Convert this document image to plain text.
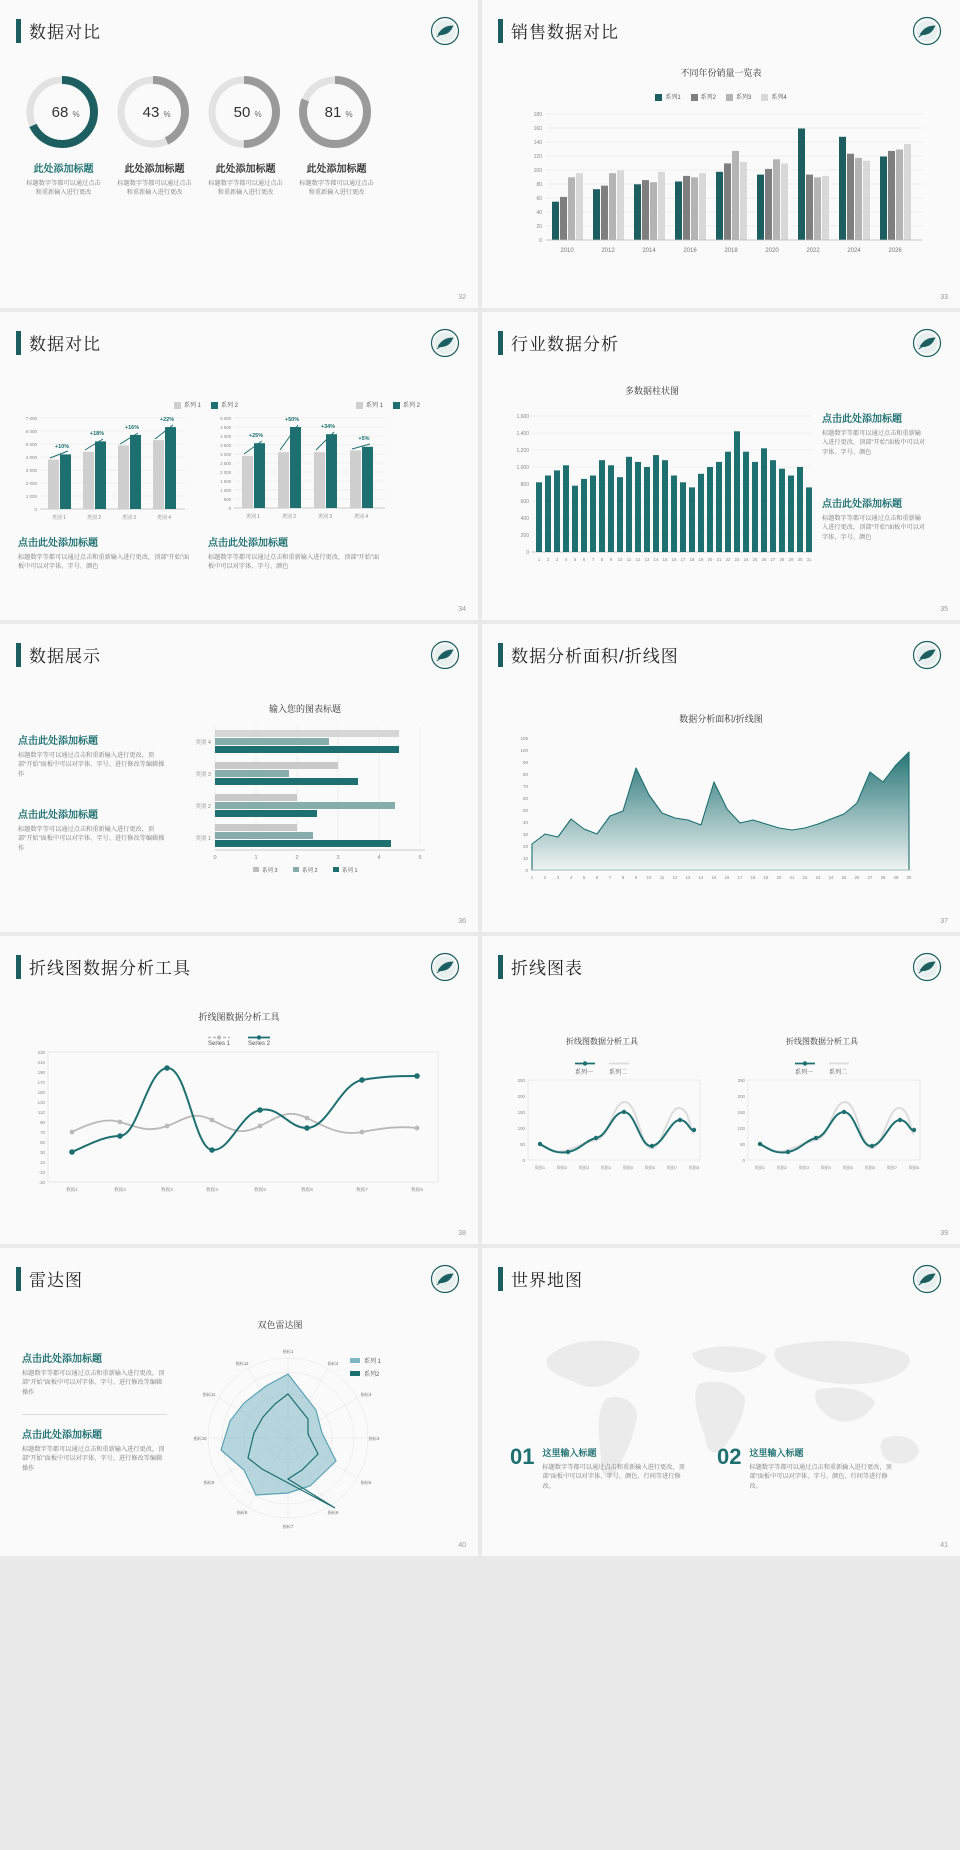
数据对比
68 %
此处添加标题
标题数字等都可以通过点击和重新输入进行更改
43 %
此处添加标题
标题数字等都可以通过点击和重新输入进行更改
50 %
此处添加标题
标题数字等都可以通过点击和重新输入进行更改
81 %
此处添加标题
标题数字等都可以通过点击和重新输入进行更改
32
销售数据对比
不同年份销量一览表
系列1	系列2	系列3	系列4
180
160
140
120
100
80
60
40
20
0
2010	2012	2014	2016	2018	2020	2022	2024	2026
33
数据对比
系列 1	系列 2
7 000
6 000
5 000
4 000
3 000
2 000
1 000
0
+10%
+18%
+16%
+22%
类别 1	类别 2	类别 3	类别 4
系列 1	系列 2
5 000
4 500
4 000
3 500
3 000
2 500
2 000
1 500
1 000
500
0
+25%
+50%
+34%
+5%
类别 1	类别 2	类别 3	类别 4
点击此处添加标题
标题数字等都可以通过点击和重新输入进行更改，顶部“开始”面板中可以对字体、字号、颜色
点击此处添加标题
标题数字等都可以通过点击和重新输入进行更改，顶部“开始”面板中可以对字体、字号、颜色
34
行业数据分析
多数据柱状图
1,600
1,400
1,200
1,000
800
600
400
200
0
1 2 3 4 5 6 7 8 9 10 11 12 13 14 15 16 17 18 19 20 21 22 23 24 25 26 27 28 29 30 31
点击此处添加标题
标题数字等都可以通过点击和重新输入进行更改，顶部“开始”面板中可以对字体、字号、颜色
点击此处添加标题
标题数字等都可以通过点击和重新输入进行更改，顶部“开始”面板中可以对字体、字号、颜色
35
数据展示
点击此处添加标题
标题数字等可以通过点击和重新输入进行更改，顶部“开始”面板中可以对字体、字号、进行修改等编辑操作
点击此处添加标题
标题数字等可以通过点击和重新输入进行更改，顶部“开始”面板中可以对字体、字号、进行修改等编辑操作
输入您的图表标题
类别 4
类别 3
类别 2
类别 1
0	1	2	3	4	5
系列 3	系列 2	系列 1
36
数据分析面积/折线图
数据分析面积/折线图
105
100
90
80
70
60
50
40
30
20
10
0
1	2	3	4	5	6	7	8	9 10 11 12 13 14 15 16 17 18 19 20 21 22 23 24 25 26 27 28 29 30
37
折线图数据分析工具
折线图数据分析工具
Series 1	Series 2
230
210
190
170
150
130
110
90
70
50
30
10
-10
-30
数据1	数据2	数据3	数据4	数据5	数据6	数据7	数据8
38
折线图表
折线图数据分析工具
系列一	系列二
250
200
150
100
50
0
数据1	数据2	数据3	数据4	数据5	数据6	数据7	数据8
折线图数据分析工具
系列一	系列二
250
200
150
100
50
0
数据1	数据2	数据3	数据4	数据5	数据6	数据7	数据8
39
雷达图
点击此处添加标题
标题数字等都可以通过点击和重新输入进行更改，顶部“开始”面板中可以对字体、字号、进行修改等编辑操作
点击此处添加标题
标题数字等都可以通过点击和重新输入进行更改，顶部“开始”面板中可以对字体、字号、进行修改等编辑操作
双色雷达图
指标1
指标2
指标3
指标4
指标5
指标6
指标7
指标8
指标9
指标10
指标11
指标12	系列 1
系列2
40
世界地图
01 这里输入标题
标题数字等都可以通过点击和重新输入进行更改，顶部“面板中可以对字体、字号、颜色、行间等进行修改。
02 这里输入标题
标题数字等都可以通过点击和重新输入进行更改，顶部“面板中可以对字体、字号、颜色、行间等进行修改。
41
